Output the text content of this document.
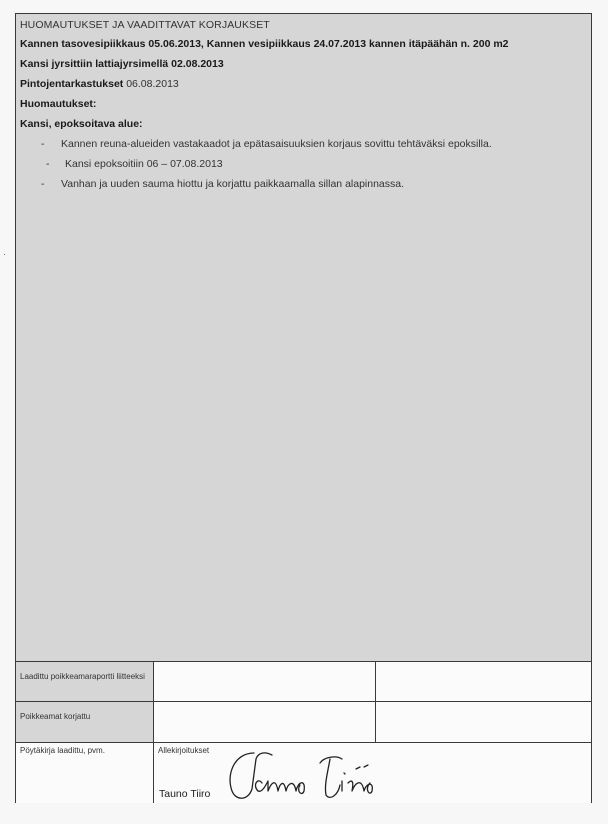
HUOMAUTUKSET JA VAADITTAVAT KORJAUKSET
Kannen tasovesipiikkaus 05.06.2013, Kannen vesipiikkaus 24.07.2013 kannen itäpäähän n. 200 m2
Kansi jyrsittiin lattiajyrsimellä 02.08.2013
Pintojentarkastukset 06.08.2013
Huomautukset:
Kansi, epoksoitava alue:
- Kannen reuna-alueiden vastakaadot ja epätasaisuuksien korjaus sovittu tehtäväksi epoksilla.
- Kansi epoksoitiin 06 – 07.08.2013
- Vanhan ja uuden sauma hiottu ja korjattu paikkaamalla sillan alapinnassa.
Laadittu poikkeamaraportti liitteeksi
Poikkeamat korjattu
Pöytäkirja laadittu, pvm.	Allekirjoitukset
Tauno Tiiro
·
